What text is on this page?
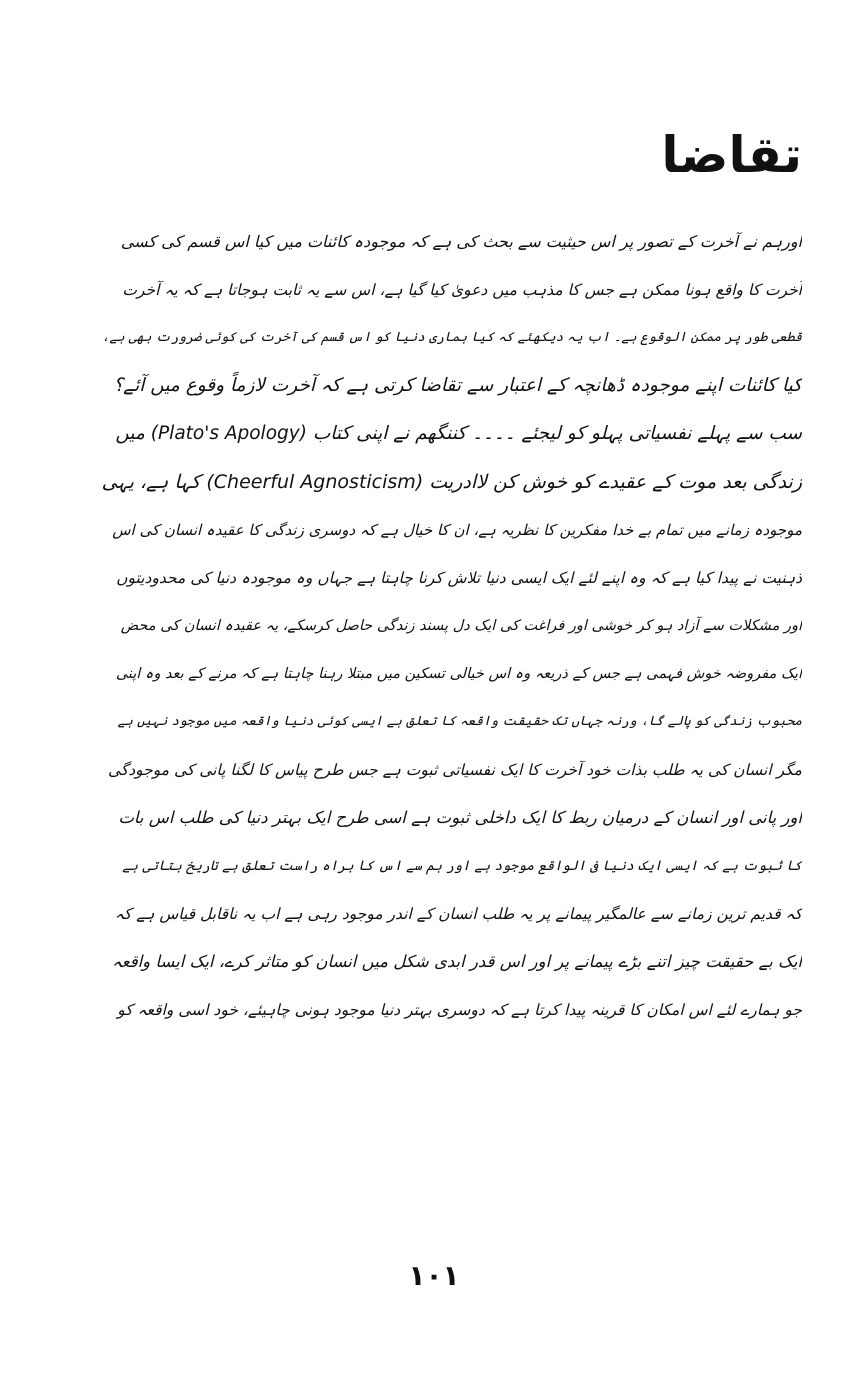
تقاضا
اورہم نے آخرت کے تصور پر اس حیثیت سے بحث کی ہے کہ موجودہ کائنات میں کیا اس قسم کی کسی
آخرت کا واقع ہونا ممکن ہے جس کا مذہب میں دعویٰ کیا گیا ہے، اس سے یہ ثابت ہوجاتا ہے کہ یہ آخرت
قطعی طور پر ممکن الوقوع ہے۔ اب یہ دیکھئے کہ کیا ہماری دنیا کو اس قسم کی آخرت کی کوئی ضرورت بھی ہے،
کیا کائنات اپنے موجودہ ڈھانچہ کے اعتبار سے تقاضا کرتی ہے کہ آخرت لازماً وقوع میں آئے؟
سب سے پہلے نفسیاتی پہلو کو لیجئے ۔۔۔۔ کننگھم نے اپنی کتاب (Plato's Apology) میں
زندگی بعد موت کے عقیدے کو خوش کن لاادریت (Cheerful Agnosticism) کہا ہے، یہی
موجودہ زمانے میں تمام بے خدا مفکرین کا نظریہ ہے، ان کا خیال ہے کہ دوسری زندگی کا عقیدہ انسان کی اس
ذہنیت نے پیدا کیا ہے کہ وہ اپنے لئے ایک ایسی دنیا تلاش کرنا چاہتا ہے جہاں وہ موجودہ دنیا کی محدودیتوں
اور مشکلات سے آزاد ہو کر خوشی اور فراغت کی ایک دل پسند زندگی حاصل کرسکے، یہ عقیدہ انسان کی محض
ایک مفروضہ خوش فہمی ہے جس کے ذریعہ وہ اس خیالی تسکین میں مبتلا رہنا چاہتا ہے کہ مرنے کے بعد وہ اپنی
محبوب زندگی کو پالے گا، ورنہ جہاں تک حقیقت واقعہ کا تعلق ہے ایسی کوئی دنیا واقعہ میں موجود نہیں ہے
مگر انسان کی یہ طلب بذات خود آخرت کا ایک نفسیاتی ثبوت ہے جس طرح پیاس کا لگنا پانی کی موجودگی
اور پانی اور انسان کے درمیان ربط کا ایک داخلی ثبوت ہے اسی طرح ایک بہتر دنیا کی طلب اس بات
کا ثبوت ہے کہ ایسی ایک دنیا فی الواقع موجود ہے اور ہم سے اس کا براہ راست تعلق ہے تاریخ بتاتی ہے
کہ قدیم ترین زمانے سے عالمگیر پیمانے پر یہ طلب انسان کے اندر موجود رہی ہے اب یہ ناقابل قیاس ہے کہ
ایک بے حقیقت چیز اتنے بڑے پیمانے پر اور اس قدر ابدی شکل میں انسان کو متاثر کرے، ایک ایسا واقعہ
جو ہمارے لئے اس امکان کا قرینہ پیدا کرتا ہے کہ دوسری بہتر دنیا موجود ہونی چاہیئے، خود اسی واقعہ کو
۱۰۱
